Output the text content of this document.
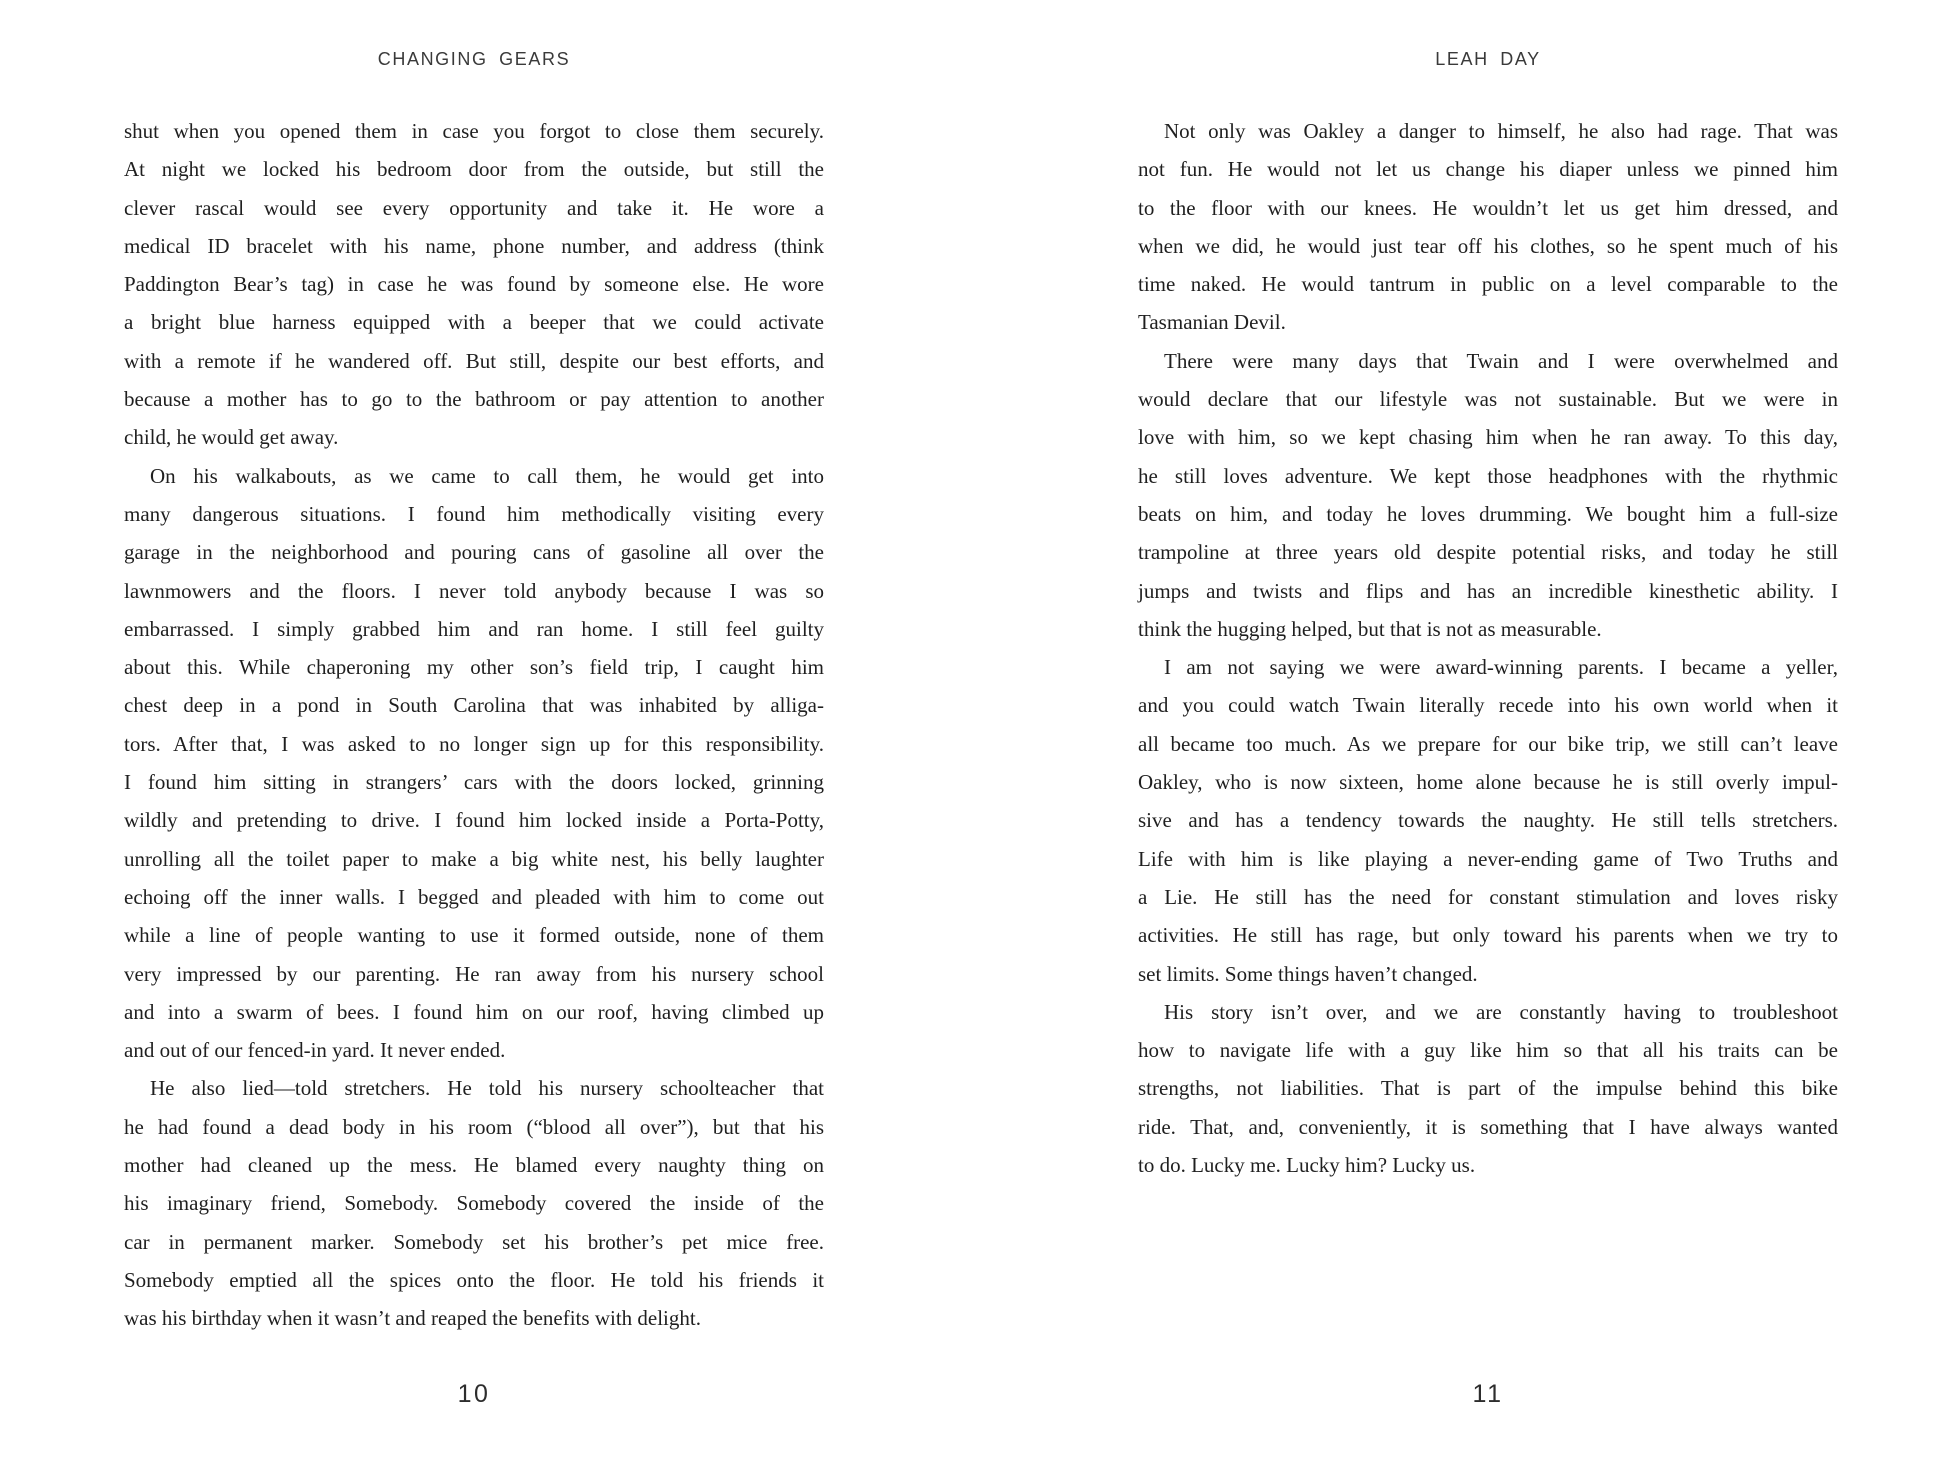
CHANGING GEARS
shut when you opened them in case you forgot to close them securely.
At night we locked his bedroom door from the outside, but still the
clever rascal would see every opportunity and take it. He wore a
medical ID bracelet with his name, phone number, and address (think
Paddington Bear’s tag) in case he was found by someone else. He wore
a bright blue harness equipped with a beeper that we could activate
with a remote if he wandered off. But still, despite our best efforts, and
because a mother has to go to the bathroom or pay attention to another
child, he would get away.
On his walkabouts, as we came to call them, he would get into
many dangerous situations. I found him methodically visiting every
garage in the neighborhood and pouring cans of gasoline all over the
lawnmowers and the floors. I never told anybody because I was so
embarrassed. I simply grabbed him and ran home. I still feel guilty
about this. While chaperoning my other son’s field trip, I caught him
chest deep in a pond in South Carolina that was inhabited by alliga-
tors. After that, I was asked to no longer sign up for this responsibility.
I found him sitting in strangers’ cars with the doors locked, grinning
wildly and pretending to drive. I found him locked inside a Porta-Potty,
unrolling all the toilet paper to make a big white nest, his belly laughter
echoing off the inner walls. I begged and pleaded with him to come out
while a line of people wanting to use it formed outside, none of them
very impressed by our parenting. He ran away from his nursery school
and into a swarm of bees. I found him on our roof, having climbed up
and out of our fenced-in yard. It never ended.
He also lied—told stretchers. He told his nursery schoolteacher that
he had found a dead body in his room (“blood all over”), but that his
mother had cleaned up the mess. He blamed every naughty thing on
his imaginary friend, Somebody. Somebody covered the inside of the
car in permanent marker. Somebody set his brother’s pet mice free.
Somebody emptied all the spices onto the floor. He told his friends it
was his birthday when it wasn’t and reaped the benefits with delight.
10
LEAH DAY
Not only was Oakley a danger to himself, he also had rage. That was
not fun. He would not let us change his diaper unless we pinned him
to the floor with our knees. He wouldn’t let us get him dressed, and
when we did, he would just tear off his clothes, so he spent much of his
time naked. He would tantrum in public on a level comparable to the
Tasmanian Devil.
There were many days that Twain and I were overwhelmed and
would declare that our lifestyle was not sustainable. But we were in
love with him, so we kept chasing him when he ran away. To this day,
he still loves adventure. We kept those headphones with the rhythmic
beats on him, and today he loves drumming. We bought him a full-size
trampoline at three years old despite potential risks, and today he still
jumps and twists and flips and has an incredible kinesthetic ability. I
think the hugging helped, but that is not as measurable.
I am not saying we were award-winning parents. I became a yeller,
and you could watch Twain literally recede into his own world when it
all became too much. As we prepare for our bike trip, we still can’t leave
Oakley, who is now sixteen, home alone because he is still overly impul-
sive and has a tendency towards the naughty. He still tells stretchers.
Life with him is like playing a never-ending game of Two Truths and
a Lie. He still has the need for constant stimulation and loves risky
activities. He still has rage, but only toward his parents when we try to
set limits. Some things haven’t changed.
His story isn’t over, and we are constantly having to troubleshoot
how to navigate life with a guy like him so that all his traits can be
strengths, not liabilities. That is part of the impulse behind this bike
ride. That, and, conveniently, it is something that I have always wanted
to do. Lucky me. Lucky him? Lucky us.
11
